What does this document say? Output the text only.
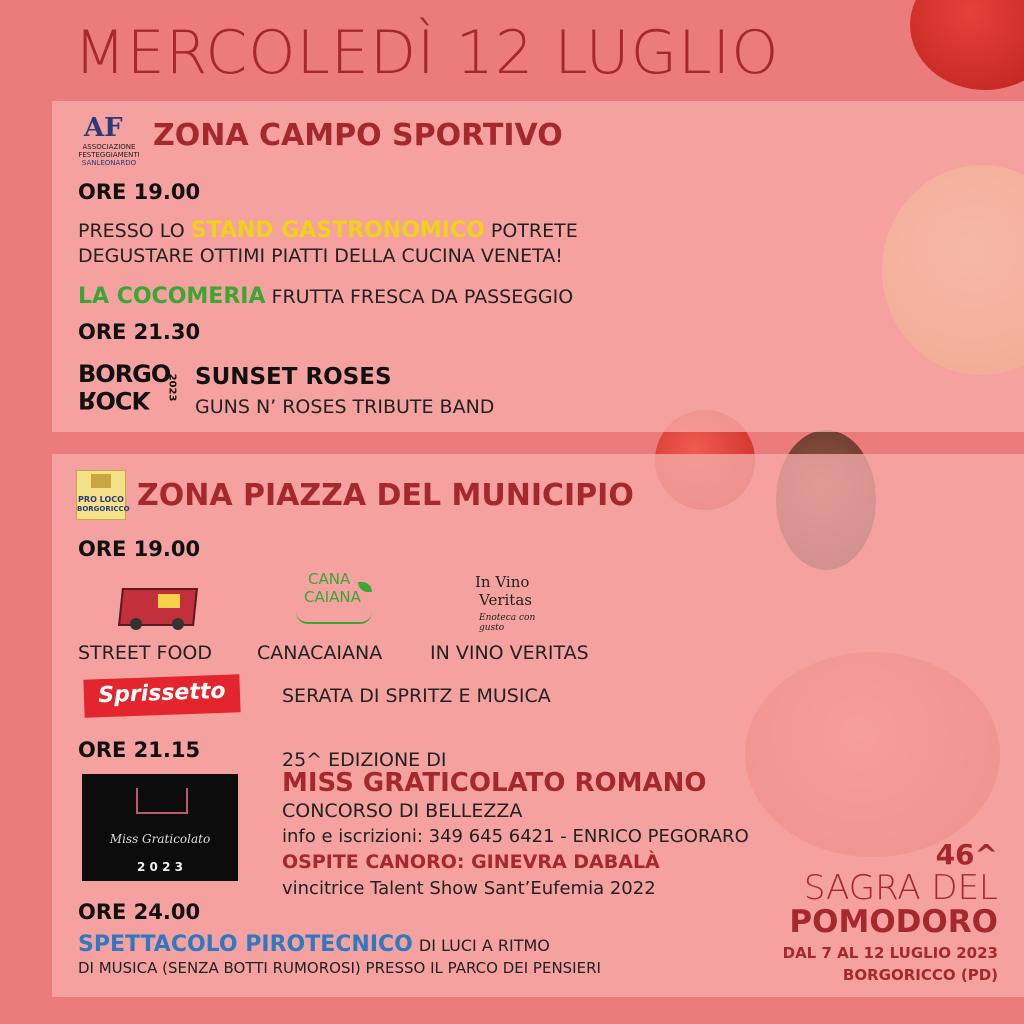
MERCOLEDÌ 12 LUGLIO
AF
ASSOCIAZIONE
FESTEGGIAMENTI
SANLEONARDO
ZONA CAMPO SPORTIVO
ORE 19.00
PRESSO LO STAND GASTRONOMICO POTRETE
DEGUSTARE OTTIMI PIATTI DELLA CUCINA VENETA!
LA COCOMERIA FRUTTA FRESCA DA PASSEGGIO
ORE 21.30
BORGO
ROCK 2023 SUNSET ROSES
GUNS N’ ROSES TRIBUTE BAND
PRO LOCO
BORGORICCO ZONA PIAZZA DEL MUNICIPIO
ORE 19.00
CANA
CAIANA
In Vino
Veritas
Enoteca con gusto
STREET FOOD CANACAIANA	IN VINO VERITAS
Sprissetto	SERATA DI SPRITZ E MUSICA
ORE 21.15
Miss Graticolato
2 0 2 3
25^ EDIZIONE DI
MISS GRATICOLATO ROMANO
CONCORSO DI BELLEZZA
info e iscrizioni: 349 645 6421 - ENRICO PEGORARO
OSPITE CANORO: GINEVRA DABALÀ
vincitrice Talent Show Sant’Eufemia 2022
ORE 24.00
SPETTACOLO PIROTECNICO DI LUCI A RITMO
DI MUSICA (SENZA BOTTI RUMOROSI) PRESSO IL PARCO DEI PENSIERI
46^
SAGRA DEL
POMODORO
DAL 7 AL 12 LUGLIO 2023
BORGORICCO (PD)
